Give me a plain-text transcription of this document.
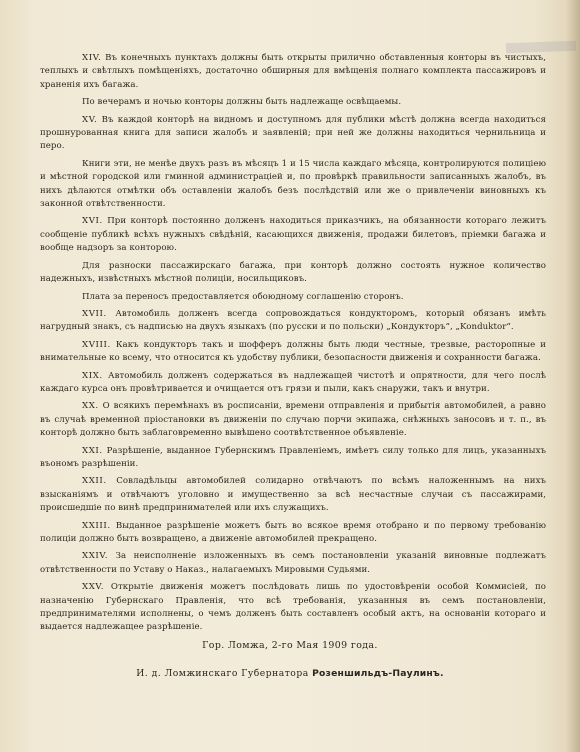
XIV. Въ конечныхъ пунктахъ должны быть открыты прилично обставленныя конторы въ чистыхъ, теплыхъ и свѣтлыхъ помѣщеніяхъ, достаточно обширныя для вмѣщенія полнаго комплекта пассажировъ и храненія ихъ багажа.

По вечерамъ и ночью конторы должны быть надлежаще освѣщаемы.

XV. Въ каждой конторѣ на видномъ и доступномъ для публики мѣстѣ должна всегда находиться прошнурованная книга для записи жалобъ и заявленій; при ней же должны находиться чернильница и перо.

Книги эти, не менѣе двухъ разъ въ мѣсяцъ 1 и 15 числа каждаго мѣсяца, контролируются полиціею и мѣстной городской или гминной администраціей и, по провѣркѣ правильности записанныхъ жалобъ, въ нихъ дѣлаются отмѣтки объ оставленіи жалобъ безъ послѣдствій или же о привлеченіи виновныхъ къ законной отвѣтственности.

XVI. При конторѣ постоянно долженъ находиться приказчикъ, на обязанности котораго лежитъ сообщеніе публикѣ всѣхъ нужныхъ свѣдѣній, касающихся движенія, продажи билетовъ, пріемки багажа и вообще надзоръ за конторою.

Для разноски пассажирскаго багажа, при конторѣ должно состоять нужное количество надежныхъ, извѣстныхъ мѣстной полиціи, носильщиковъ.

Плата за переносъ предоставляется обоюдному соглашенію сторонъ.

XVII. Автомобиль долженъ всегда сопровождаться кондукторомъ, который обязанъ имѣть нагрудный знакъ, съ надписью на двухъ языкахъ (по русски и по польски) „Кондукторъ“, „Konduktor“.

XVIII. Какъ кондукторъ такъ и шофферъ должны быть люди честные, трезвые, расторопные и внимательные ко всему, что относится къ удобству публики, безопасности движенія и сохранности багажа.

XIX. Автомобиль долженъ содержаться въ надлежащей чистотѣ и опрятности, для чего послѣ каждаго курса онъ провѣтривается и очищается отъ грязи и пыли, какъ снаружи, такъ и внутри.

XX. О всякихъ перемѣнахъ въ росписаніи, времени отправленія и прибытія автомобилей, а равно въ случаѣ временной пріостановки въ движеніи по случаю порчи экипажа, снѣжныхъ заносовъ и т. п., въ конторѣ должно быть заблаговременно вывѣшено соотвѣтственное объявленіе.

XXI. Разрѣшеніе, выданное Губернскимъ Правленіемъ, имѣетъ силу только для лицъ, указанныхъ въономъ разрѣшеніи.

XXII. Совладѣльцы автомобилей солидарно отвѣчаютъ по всѣмъ наложеннымъ на нихъ взысканіямъ и отвѣчаютъ уголовно и имущественно за всѣ несчастные случаи съ пассажирами, происшедшіе по винѣ предпринимателей или ихъ служащихъ.

XXIII. Выданное разрѣшеніе можетъ быть во всякое время отобрано и по первому требованію полиціи должно быть возвращено, а движеніе автомобилей прекращено.

XXIV. За неисполненіе изложенныхъ въ семъ постановленіи указаній виновные подлежатъ отвѣтственности по Уставу о Наказ., налагаемыхъ Мировыми Судьями.

XXV. Открытіе движенія можетъ послѣдовать лишь по удостовѣреніи особой Коммисіей, по назначенію Губернскаго Правленія, что всѣ требованія, указанныя въ семъ постановленіи, предпринимателями исполнены, о чемъ долженъ быть составленъ особый актъ, на основаніи котораго и выдается надлежащее разрѣшеніе.

Гор. Ломжа, 2-го Мая 1909 года.
И. д. Ломжинскаго Губернатора Розеншильдъ-Паулинъ.
